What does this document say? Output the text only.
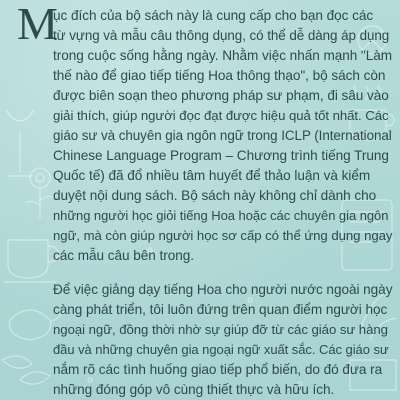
M

ục đích của bộ sách này là cung cấp cho bạn đọc các

từ vựng và mẫu câu thông dụng, có thể dễ dàng áp dụng

trong cuộc sống hằng ngày. Nhằm việc nhấn mạnh "Làm

thế nào để giao tiếp tiếng Hoa thông thạo", bộ sách còn

được biên soạn theo phương pháp sư phạm, đi sâu vào

giải thích, giúp người đọc đạt được hiệu quả tốt nhất. Các

giáo sư và chuyên gia ngôn ngữ trong ICLP (International

Chinese Language Program – Chương trình tiếng Trung

Quốc tế) đã đổ nhiều tâm huyết để thảo luận và kiểm

duyệt nội dung sách. Bộ sách này không chỉ dành cho

những người học giỏi tiếng Hoa hoặc các chuyên gia ngôn

ngữ, mà còn giúp người học sơ cấp có thể ứng dụng ngay

các mẫu câu bên trong.

Để việc giảng dạy tiếng Hoa cho người nước ngoài ngày

càng phát triển, tôi luôn đứng trên quan điểm người học

ngoại ngữ, đồng thời nhờ sự giúp đỡ từ các giáo sư hàng

đầu và những chuyên gia ngoại ngữ xuất sắc. Các giáo sư

nắm rõ các tình huống giao tiếp phổ biến, do đó đưa ra

những đóng góp vô cùng thiết thực và hữu ích.
